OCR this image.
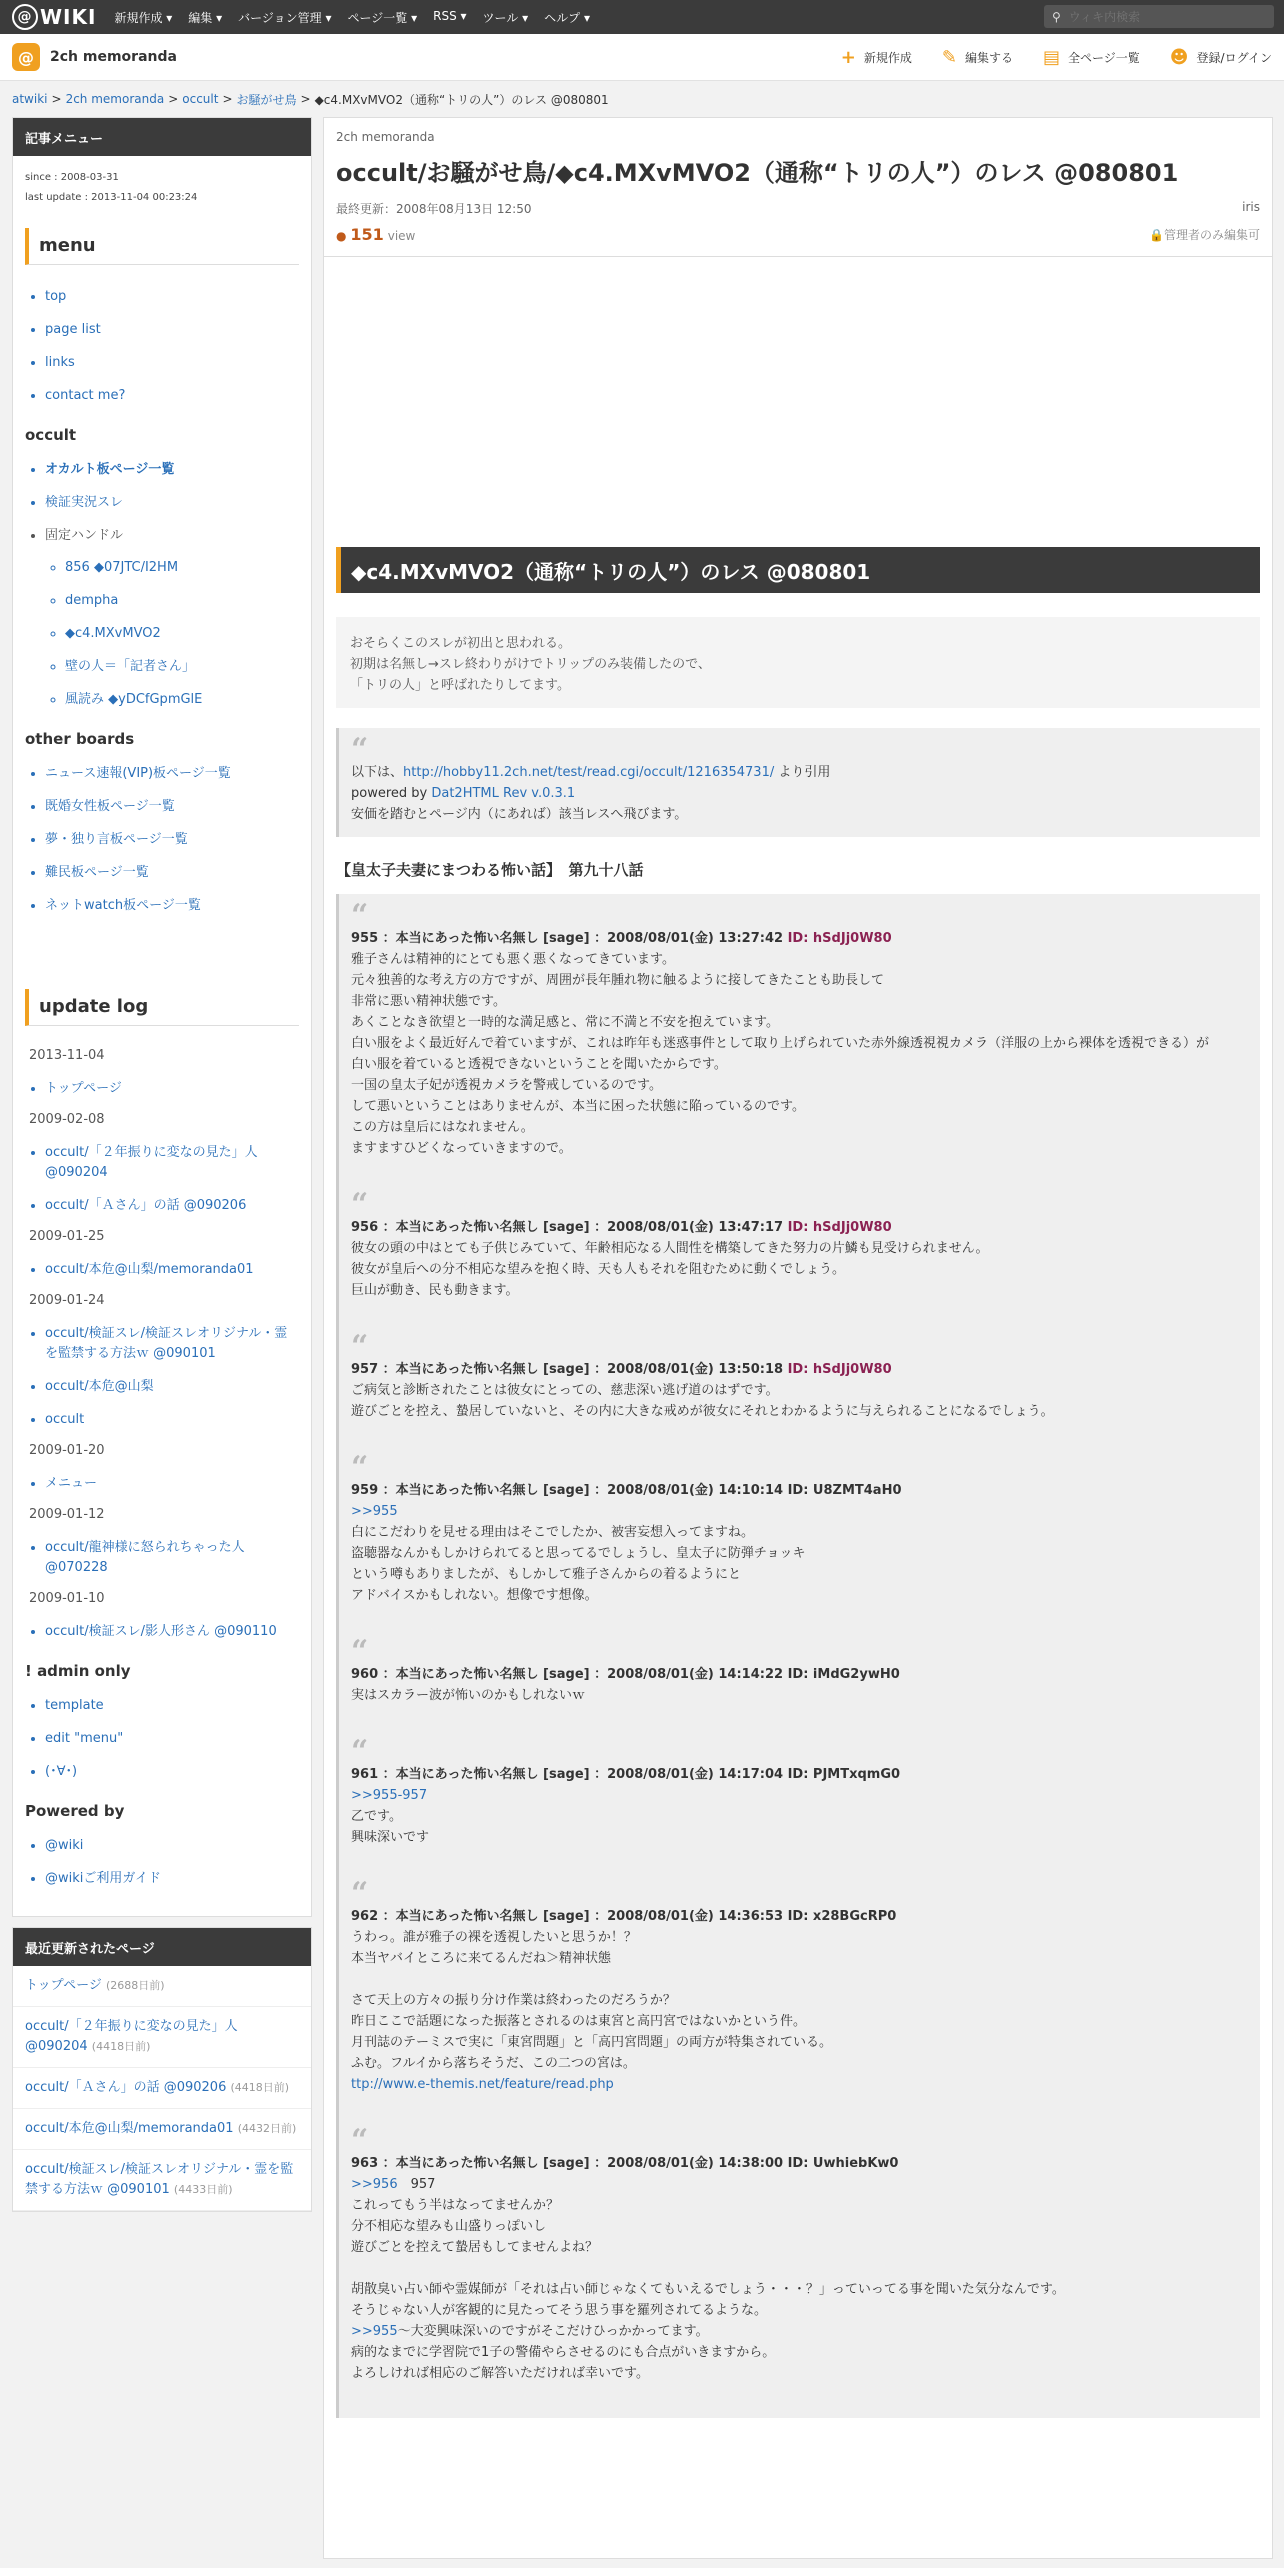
@ WIKI	新規作成 ▾	編集 ▾	バージョン管理 ▾	ページ一覧 ▾	RSS ▾	ツール ▾	ヘルプ ▾	⚲
ウィキ内検索
@	2ch memoranda	+ 新規作成 ✎ 編集する ▤ 全ページ一覧 ☻ 登録/ログイン
atwiki > 2ch memoranda > occult > お騒がせ鳥 > ◆c4.MXvMVO2（通称“トリの人”）のレス @080801
記事メニュー
since : 2008-03-31
last update : 2013-11-04 00:23:24
menu
• top
• page list
• links
• contact me?
occult
• オカルト板ページ一覧
• 検証実況スレ
• 固定ハンドル
◦ 856 ◆07JTC/I2HM
◦ dempha
◦ ◆c4.MXvMVO2
◦ 壁の人＝「記者さん」
◦ 風読み ◆yDCfGpmGlE
other boards
• ニュース速報(VIP)板ページ一覧
• 既婚女性板ページ一覧
• 夢・独り言板ページ一覧
• 難民板ページ一覧
• ネットwatch板ページ一覧
update log
2013-11-04
• トップページ
2009-02-08
• occult/「２年振りに変なの見た」人 @090204
• occult/「Ａさん」の話 @090206
2009-01-25
• occult/本危@山梨/memoranda01
2009-01-24
• occult/検証スレ/検証スレオリジナル・霊を監禁する方法ｗ @090101
• occult/本危@山梨
• occult
2009-01-20
• メニュー
2009-01-12
• occult/龍神様に怒られちゃった人 @070228
2009-01-10
• occult/検証スレ/影人形さん @090110
! admin only
• template
• edit "menu"
• (･∀･)
Powered by
• @wiki
• @wikiご利用ガイド
最近更新されたページ
トップページ (2688日前)
occult/「２年振りに変なの見た」人 @090204 (4418日前)
occult/「Ａさん」の話 @090206 (4418日前)
occult/本危@山梨/memoranda01 (4432日前)
occult/検証スレ/検証スレオリジナル・霊を監禁する方法ｗ @090101 (4433日前)
2ch memoranda
occult/お騒がせ鳥/◆c4.MXvMVO2（通称“トリの人”）のレス @080801
最終更新：2008年08月13日 12:50	iris
● 151 view	🔒管理者のみ編集可
◆c4.MXvMVO2（通称“トリの人”）のレス @080801
おそらくこのスレが初出と思われる。
初期は名無し→スレ終わりがけでトリップのみ装備したので、
「トリの人」と呼ばれたりしてます。
“
以下は、http://hobby11.2ch.net/test/read.cgi/occult/1216354731/ より引用
powered by Dat2HTML Rev v.0.3.1
安価を踏むとページ内（にあれば）該当レスへ飛びます。
【皇太子夫妻にまつわる怖い話】　第九十八話
“
955 ：本当にあった怖い名無し [sage] ：2008/08/01(金) 13:27:42 ID: hSdJj0W80
雅子さんは精神的にとても悪く悪くなってきています。
元々独善的な考え方の方ですが、周囲が長年腫れ物に触るように接してきたことも助長して
非常に悪い精神状態です。
あくことなき欲望と一時的な満足感と、常に不満と不安を抱えています。
白い服をよく最近好んで着ていますが、これは昨年も迷惑事件として取り上げられていた赤外線透視視カメラ（洋服の上から裸体を透視できる）が
白い服を着ていると透視できないということを聞いたからです。
一国の皇太子妃が透視カメラを警戒しているのです。
して悪いということはありませんが、本当に困った状態に陥っているのです。
この方は皇后にはなれません。
ますますひどくなっていきますので。
“
956 ：本当にあった怖い名無し [sage] ：2008/08/01(金) 13:47:17 ID: hSdJj0W80
彼女の頭の中はとても子供じみていて、年齢相応なる人間性を構築してきた努力の片鱗も見受けられません。
彼女が皇后への分不相応な望みを抱く時、天も人もそれを阻むために動くでしょう。
巨山が動き、民も動きます。
“
957 ：本当にあった怖い名無し [sage] ：2008/08/01(金) 13:50:18 ID: hSdJj0W80
ご病気と診断されたことは彼女にとっての、慈悲深い逃げ道のはずです。
遊びごとを控え、蟄居していないと、その内に大きな戒めが彼女にそれとわかるように与えられることになるでしょう。
“
959 ：本当にあった怖い名無し [sage] ：2008/08/01(金) 14:10:14 ID: U8ZMT4aH0
>>955
白にこだわりを見せる理由はそこでしたか、被害妄想入ってますね。
盗聴器なんかもしかけられてると思ってるでしょうし、皇太子に防弾チョッキ
という噂もありましたが、もしかして雅子さんからの着るようにと
アドバイスかもしれない。想像です想像。
“
960 ：本当にあった怖い名無し [sage] ：2008/08/01(金) 14:14:22 ID: iMdG2ywH0
実はスカラー波が怖いのかもしれないｗ
“
961 ：本当にあった怖い名無し [sage] ：2008/08/01(金) 14:17:04 ID: PJMTxqmG0
>>955-957
乙です。
興味深いです
“
962 ：本当にあった怖い名無し [sage] ：2008/08/01(金) 14:36:53 ID: x28BGcRP0
うわっ。誰が雅子の裸を透視したいと思うか！？
本当ヤバイところに来てるんだね＞精神状態
さて天上の方々の振り分け作業は終わったのだろうか？
昨日ここで話題になった振落とされるのは東宮と高円宮ではないかという件。
月刊誌のテーミスで実に「東宮問題」と「高円宮問題」の両方が特集されている。
ふむ。フルイから落ちそうだ、この二つの宮は。
ttp://www.e-themis.net/feature/read.php
“
963 ：本当にあった怖い名無し [sage] ：2008/08/01(金) 14:38:00 ID: UwhiebKw0
>>956　957
これってもう半はなってませんか？
分不相応な望みも山盛りっぽいし
遊びごとを控えて蟄居もしてませんよね？
胡散臭い占い師や霊媒師が「それは占い師じゃなくてもいえるでしょう・・・？」っていってる事を聞いた気分なんです。
そうじゃない人が客観的に見たってそう思う事を羅列されてるような。
>>955〜大変興味深いのですがそこだけひっかかってます。
病的なまでに学習院で1子の警備やらさせるのにも合点がいきますから。
よろしければ相応のご解答いただければ幸いです。
